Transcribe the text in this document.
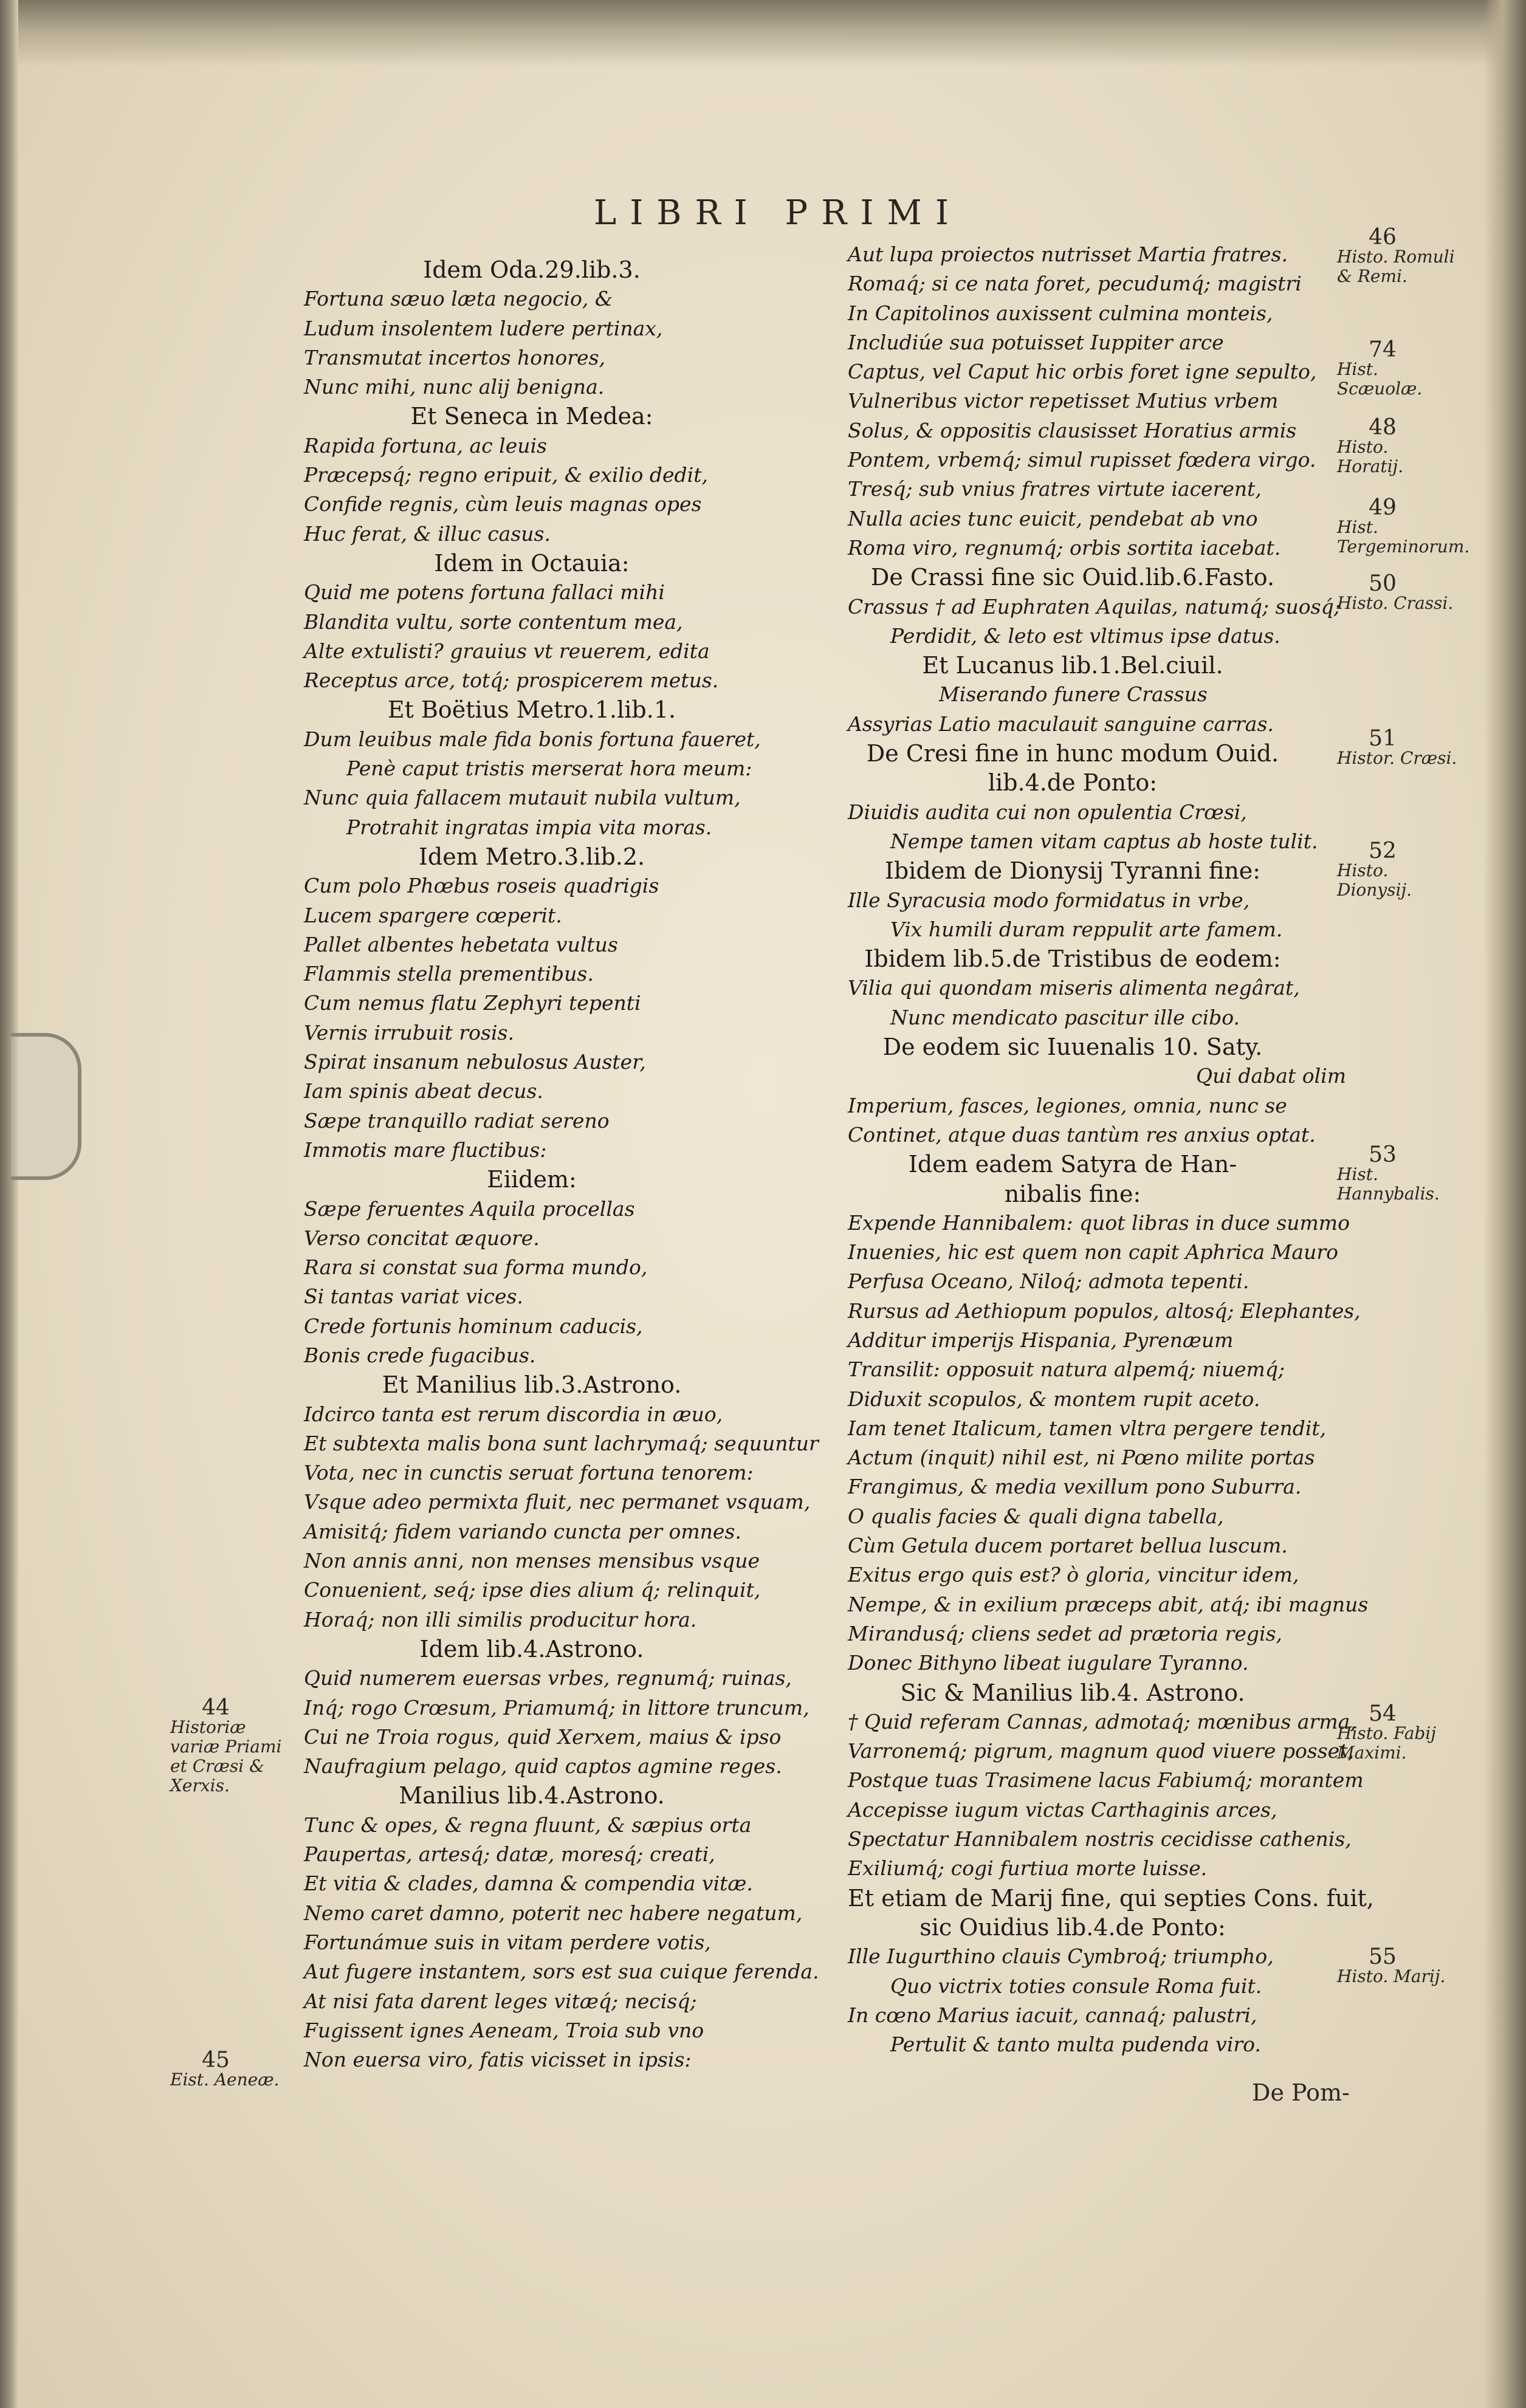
LIBRI PRIMI
Idem Oda.29.lib.3.
Fortuna sæuo læta negocio, &
Ludum insolentem ludere pertinax,
Transmutat incertos honores,
Nunc mihi, nunc alij benigna.
Et Seneca in Medea:
Rapida fortuna, ac leuis
Præcepsq́; regno eripuit, & exilio dedit,
Confide regnis, cùm leuis magnas opes
Huc ferat, & illuc casus.
Idem in Octauia:
Quid me potens fortuna fallaci mihi
Blandita vultu, sorte contentum mea,
Alte extulisti? grauius vt reuerem, edita
Receptus arce, totq́; prospicerem metus.
Et Boëtius Metro.1.lib.1.
Dum leuibus male fida bonis fortuna faueret,
Penè caput tristis merserat hora meum:
Nunc quia fallacem mutauit nubila vultum,
Protrahit ingratas impia vita moras.
Idem Metro.3.lib.2.
Cum polo Phœbus roseis quadrigis
Lucem spargere cœperit.
Pallet albentes hebetata vultus
Flammis stella prementibus.
Cum nemus flatu Zephyri tepenti
Vernis irrubuit rosis.
Spirat insanum nebulosus Auster,
Iam spinis abeat decus.
Sæpe tranquillo radiat sereno
Immotis mare fluctibus:
Eiidem:
Sæpe feruentes Aquila procellas
Verso concitat æquore.
Rara si constat sua forma mundo,
Si tantas variat vices.
Crede fortunis hominum caducis,
Bonis crede fugacibus.
Et Manilius lib.3.Astrono.
Idcirco tanta est rerum discordia in æuo,
Et subtexta malis bona sunt lachrymaq́; sequuntur
Vota, nec in cunctis seruat fortuna tenorem:
Vsque adeo permixta fluit, nec permanet vsquam,
Amisitq́; fidem variando cuncta per omnes.
Non annis anni, non menses mensibus vsque
Conuenient, seq́; ipse dies alium q́; relinquit,
Horaq́; non illi similis producitur hora.
Idem lib.4.Astrono.
Quid numerem euersas vrbes, regnumq́; ruinas,
Inq́; rogo Crœsum, Priamumq́; in littore truncum,
Cui ne Troia rogus, quid Xerxem, maius & ipso
Naufragium pelago, quid captos agmine reges.
Manilius lib.4.Astrono.
Tunc & opes, & regna fluunt, & sæpius orta
Paupertas, artesq́; datæ, moresq́; creati,
Et vitia & clades, damna & compendia vitæ.
Nemo caret damno, poterit nec habere negatum,
Fortunámue suis in vitam perdere votis,
Aut fugere instantem, sors est sua cuique ferenda.
At nisi fata darent leges vitæq́; necisq́;
Fugissent ignes Aeneam, Troia sub vno
Non euersa viro, fatis vicisset in ipsis:
Aut lupa proiectos nutrisset Martia fratres.
Romaq́; si ce nata foret, pecudumq́; magistri
In Capitolinos auxissent culmina monteis,
Includiúe sua potuisset Iuppiter arce
Captus, vel Caput hic orbis foret igne sepulto,
Vulneribus victor repetisset Mutius vrbem
Solus, & oppositis clausisset Horatius armis
Pontem, vrbemq́; simul rupisset fœdera virgo.
Tresq́; sub vnius fratres virtute iacerent,
Nulla acies tunc euicit, pendebat ab vno
Roma viro, regnumq́; orbis sortita iacebat.
De Crassi fine sic Ouid.lib.6.Fasto.
Crassus † ad Euphraten Aquilas, natumq́; suosq́;
Perdidit, & leto est vltimus ipse datus.
Et Lucanus lib.1.Bel.ciuil.
Miserando funere Crassus
Assyrias Latio maculauit sanguine carras.
De Cresi fine in hunc modum Ouid.
lib.4.de Ponto:
Diuidis audita cui non opulentia Crœsi,
Nempe tamen vitam captus ab hoste tulit.
Ibidem de Dionysij Tyranni fine:
Ille Syracusia modo formidatus in vrbe,
Vix humili duram reppulit arte famem.
Ibidem lib.5.de Tristibus de eodem:
Vilia qui quondam miseris alimenta negârat,
Nunc mendicato pascitur ille cibo.
De eodem sic Iuuenalis 10. Saty.
Qui dabat olim
Imperium, fasces, legiones, omnia, nunc se
Continet, atque duas tantùm res anxius optat.
Idem eadem Satyra de Han-
nibalis fine:
Expende Hannibalem: quot libras in duce summo
Inuenies, hic est quem non capit Aphrica Mauro
Perfusa Oceano, Niloq́; admota tepenti.
Rursus ad Aethiopum populos, altosq́; Elephantes,
Additur imperijs Hispania, Pyrenæum
Transilit: opposuit natura alpemq́; niuemq́;
Diduxit scopulos, & montem rupit aceto.
Iam tenet Italicum, tamen vltra pergere tendit,
Actum (inquit) nihil est, ni Pœno milite portas
Frangimus, & media vexillum pono Suburra.
O qualis facies & quali digna tabella,
Cùm Getula ducem portaret bellua luscum.
Exitus ergo quis est? ò gloria, vincitur idem,
Nempe, & in exilium præceps abit, atq́; ibi magnus
Mirandusq́; cliens sedet ad prætoria regis,
Donec Bithyno libeat iugulare Tyranno.
Sic & Manilius lib.4. Astrono.
† Quid referam Cannas, admotaq́; mœnibus arma,
Varronemq́; pigrum, magnum quod viuere posset,
Postque tuas Trasimene lacus Fabiumq́; morantem
Accepisse iugum victas Carthaginis arces,
Spectatur Hannibalem nostris cecidisse cathenis,
Exiliumq́; cogi furtiua morte luisse.
Et etiam de Marij fine, qui septies Cons. fuit,
sic Ouidius lib.4.de Ponto:
Ille Iugurthino clauis Cymbroq́; triumpho,
Quo victrix toties consule Roma fuit.
In cœno Marius iacuit, cannaq́; palustri,
Pertulit & tanto multa pudenda viro.
46
Histo. Romuli & Remi.
74
Hist. Scæuolæ.
48
Histo. Horatij.
49
Hist. Tergeminorum.
50
Histo. Crassi.
51
Histor. Cræsi.
52
Histo. Dionysij.
53
Hist. Hannybalis.
54
Histo. Fabij Maximi.
55
Histo. Marij.
44
Historiæ variæ Priami et Cræsi & Xerxis.
45
Eist. Aeneæ.	De Pom-
